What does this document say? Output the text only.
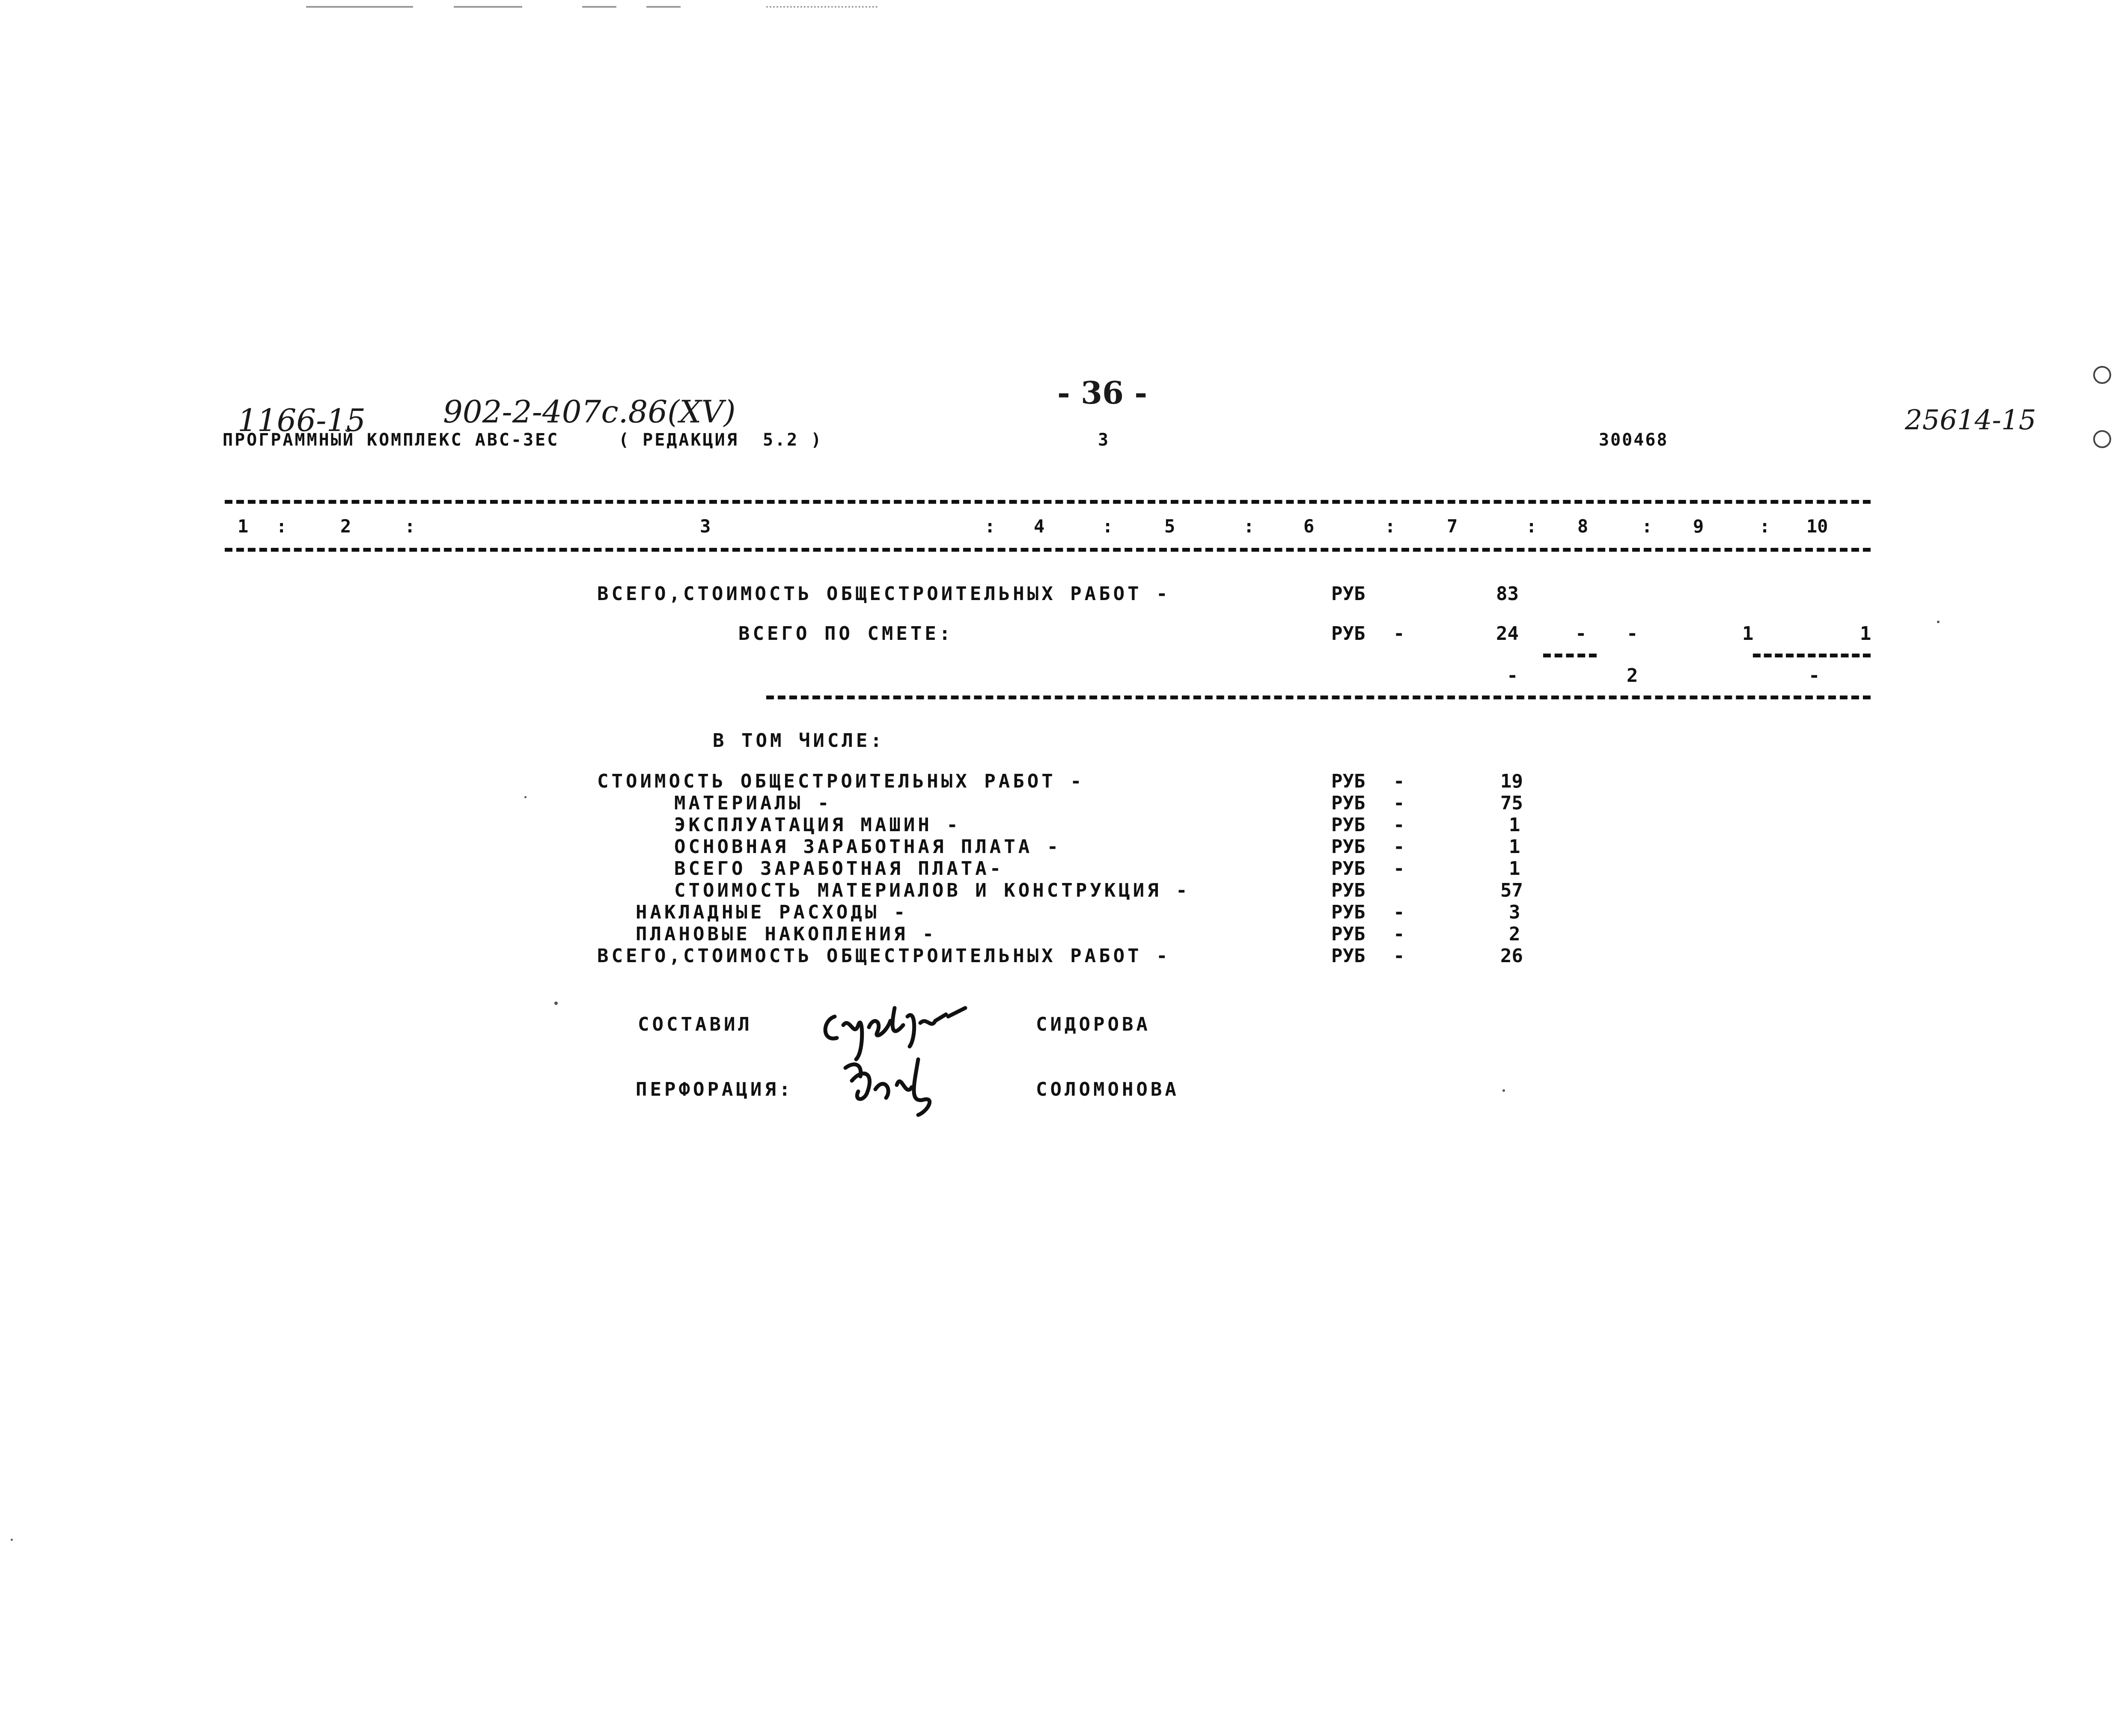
- 36 -
1166-15	902-2-407с.86(XV)	25614-15
ПРОГРАММНЫЙ КОМПЛЕКС АВС-ЗЕС	( РЕДАКЦИЯ  5.2 )	3	300468
1 :	2	:	3	: 4	:	5	:	6	:	7	: 8	: 9	: 10
ВСЕГО,СТОИМОСТЬ ОБЩЕСТРОИТЕЛЬНЫХ РАБОТ -	РУБ	83
ВСЕГО ПО СМЕТЕ:	РУБ -	24	- -	1	1
-	2	-
В ТОМ ЧИСЛЕ:
СТОИМОСТЬ ОБЩЕСТРОИТЕЛЬНЫХ РАБОТ -	РУБ -	19
МАТЕРИАЛЫ -	РУБ -	75
ЭКСПЛУАТАЦИЯ МАШИН -	РУБ -	1
ОСНОВНАЯ ЗАРАБОТНАЯ ПЛАТА -	РУБ -	1
ВСЕГО ЗАРАБОТНАЯ ПЛАТА-	РУБ -	1
СТОИМОСТЬ МАТЕРИАЛОВ И КОНСТРУКЦИЯ -	РУБ	57
НАКЛАДНЫЕ РАСХОДЫ -	РУБ -	3
ПЛАНОВЫЕ НАКОПЛЕНИЯ -	РУБ -	2
ВСЕГО,СТОИМОСТЬ ОБЩЕСТРОИТЕЛЬНЫХ РАБОТ -	РУБ -	26
СОСТАВИЛ	СИДОРОВА
ПЕРФОРАЦИЯ:	СОЛОМОНОВА
